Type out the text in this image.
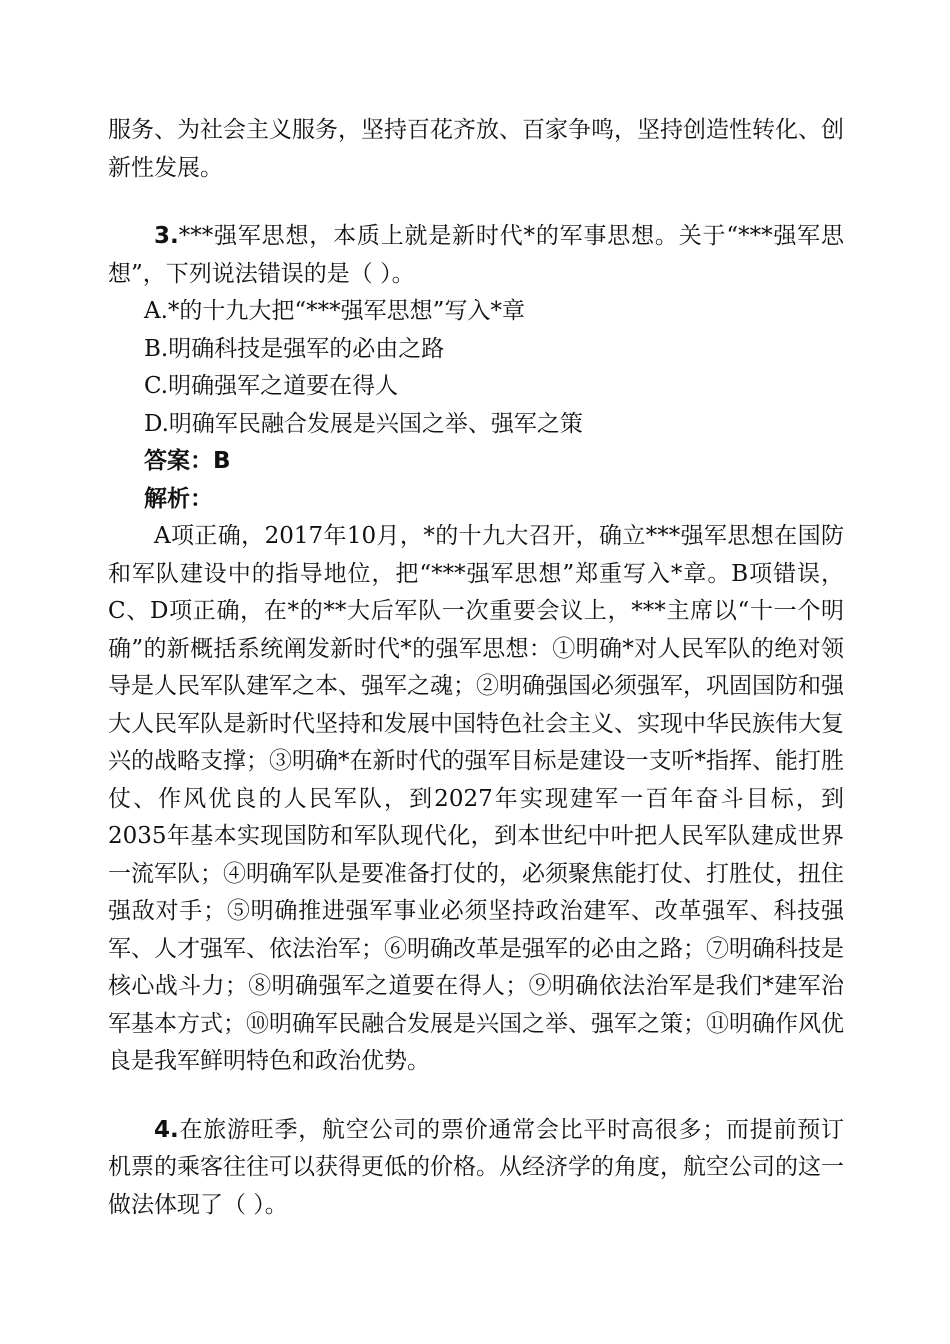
服务、为社会主义服务，坚持百花齐放、百家争鸣，坚持创造性转化、创新性发展。

3.***强军思想，本质上就是新时代*的军事思想。关于“***强军思想”，下列说法错误的是（ ）。

A.*的十九大把“***强军思想”写入*章

B.明确科技是强军的必由之路

C.明确强军之道要在得人

D.明确军民融合发展是兴国之举、强军之策

答案：B

解析：

A项正确，2017年10月，*的十九大召开，确立***强军思想在国防和军队建设中的指导地位，把“***强军思想”郑重写入*章。B项错误，C、D项正确，在*的**大后军队一次重要会议上，***主席以“十一个明确”的新概括系统阐发新时代*的强军思想：①明确*对人民军队的绝对领导是人民军队建军之本、强军之魂；②明确强国必须强军，巩固国防和强大人民军队是新时代坚持和发展中国特色社会主义、实现中华民族伟大复兴的战略支撑；③明确*在新时代的强军目标是建设一支听*指挥、能打胜仗、作风优良的人民军队，到2027年实现建军一百年奋斗目标，到2035年基本实现国防和军队现代化，到本世纪中叶把人民军队建成世界一流军队；④明确军队是要准备打仗的，必须聚焦能打仗、打胜仗，扭住强敌对手；⑤明确推进强军事业必须坚持政治建军、改革强军、科技强军、人才强军、依法治军；⑥明确改革是强军的必由之路；⑦明确科技是核心战斗力；⑧明确强军之道要在得人；⑨明确依法治军是我们*建军治军基本方式；⑩明确军民融合发展是兴国之举、强军之策；⑪明确作风优良是我军鲜明特色和政治优势。

4.在旅游旺季，航空公司的票价通常会比平时高很多；而提前预订机票的乘客往往可以获得更低的价格。从经济学的角度，航空公司的这一做法体现了（ ）。
